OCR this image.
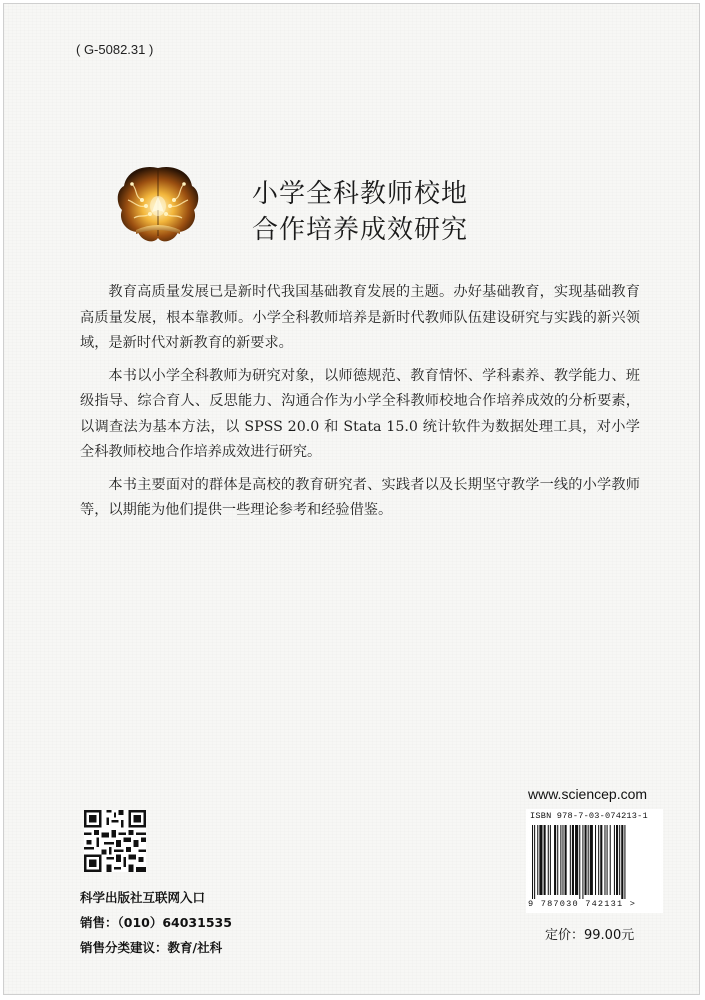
( G-5082.31 )
小学全科教师校地
合作培养成效研究

教育高质量发展已是新时代我国基础教育发展的主题。办好基础教育，实现基础教育高质量发展，根本靠教师。小学全科教师培养是新时代教师队伍建设研究与实践的新兴领域，是新时代对新教育的新要求。

本书以小学全科教师为研究对象，以师德规范、教育情怀、学科素养、教学能力、班级指导、综合育人、反思能力、沟通合作为小学全科教师校地合作培养成效的分析要素，以调查法为基本方法，以 SPSS 20.0 和 Stata 15.0 统计软件为数据处理工具，对小学全科教师校地合作培养成效进行研究。

本书主要面对的群体是高校的教育研究者、实践者以及长期坚守教学一线的小学教师等，以期能为他们提供一些理论参考和经验借鉴。

科学出版社互联网入口
销售：（010）64031535
销售分类建议：教育/社科
www.sciencep.com
ISBN 978-7-03-074213-1
9 787030 742131 >
定价：99.00元
